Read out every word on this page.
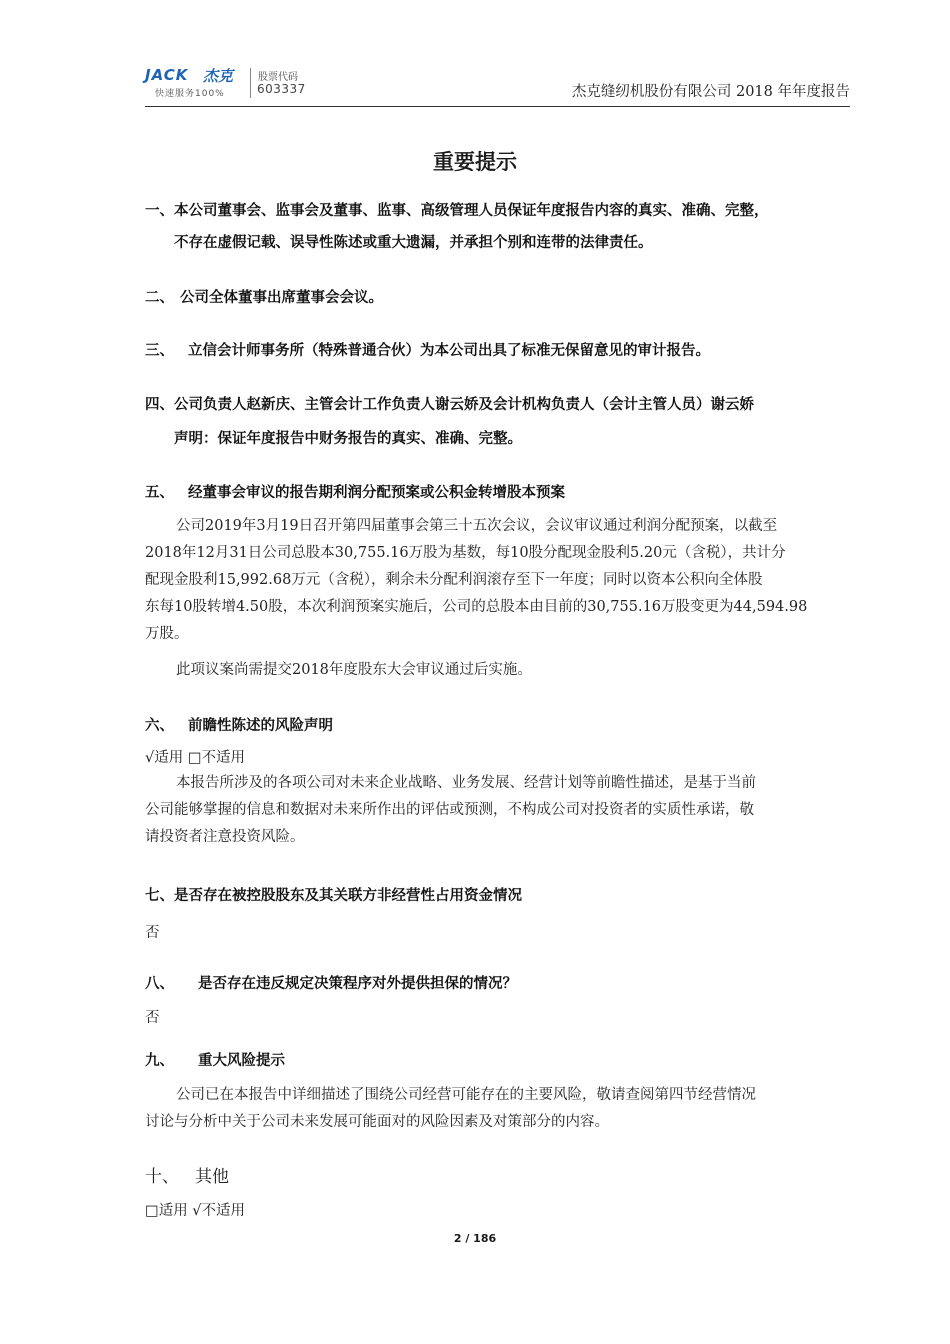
JACK 杰克
快速服务100%
股票代码
603337	杰克缝纫机股份有限公司 2018 年年度报告
重要提示
一、本公司董事会、监事会及董事、监事、高级管理人员保证年度报告内容的真实、准确、完整，
不存在虚假记载、误导性陈述或重大遗漏，并承担个别和连带的法律责任。
二、 公司全体董事出席董事会会议。
三、 立信会计师事务所（特殊普通合伙）为本公司出具了标准无保留意见的审计报告。
四、公司负责人赵新庆、主管会计工作负责人谢云娇及会计机构负责人（会计主管人员）谢云娇
声明：保证年度报告中财务报告的真实、准确、完整。
五、 经董事会审议的报告期利润分配预案或公积金转增股本预案
公司2019年3月19日召开第四届董事会第三十五次会议，会议审议通过利润分配预案，以截至
2018年12月31日公司总股本30,755.16万股为基数，每10股分配现金股利5.20元（含税），共计分
配现金股利15,992.68万元（含税），剩余未分配利润滚存至下一年度；同时以资本公积向全体股
东每10股转增4.50股，本次利润预案实施后，公司的总股本由目前的30,755.16万股变更为44,594.98
万股。
此项议案尚需提交2018年度股东大会审议通过后实施。
六、 前瞻性陈述的风险声明
√适用 □不适用
本报告所涉及的各项公司对未来企业战略、业务发展、经营计划等前瞻性描述，是基于当前
公司能够掌握的信息和数据对未来所作出的评估或预测，不构成公司对投资者的实质性承诺，敬
请投资者注意投资风险。
七、是否存在被控股股东及其关联方非经营性占用资金情况
否
八、 是否存在违反规定决策程序对外提供担保的情况？
否
九、 重大风险提示
公司已在本报告中详细描述了围绕公司经营可能存在的主要风险，敬请查阅第四节经营情况
讨论与分析中关于公司未来发展可能面对的风险因素及对策部分的内容。
十、 其他
□适用 √不适用
2 / 186
